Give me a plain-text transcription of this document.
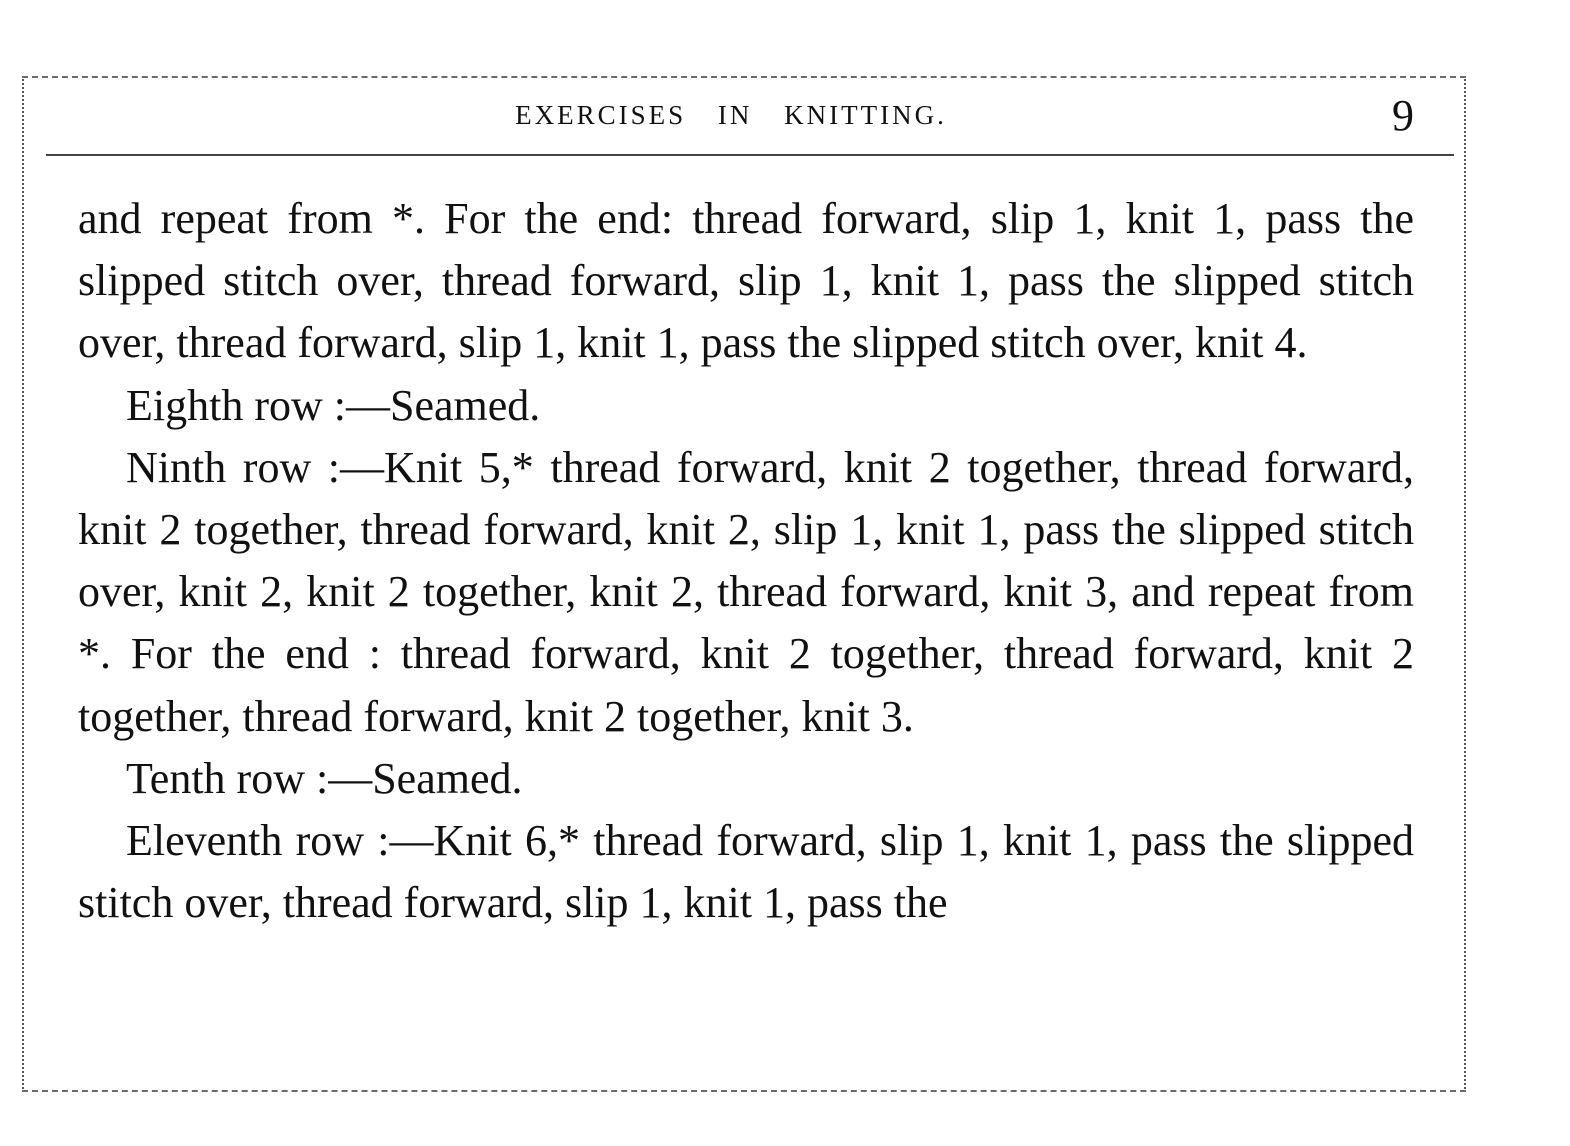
EXERCISES IN KNITTING.	9

and repeat from *. For the end: thread forward, slip 1, knit 1, pass the slipped stitch over, thread forward, slip 1, knit 1, pass the slipped stitch over, thread forward, slip 1, knit 1, pass the slipped stitch over, knit 4.

Eighth row :—Seamed.

Ninth row :—Knit 5,* thread forward, knit 2 together, thread forward, knit 2 together, thread forward, knit 2, slip 1, knit 1, pass the slipped stitch over, knit 2, knit 2 together, knit 2, thread forward, knit 3, and repeat from *. For the end : thread forward, knit 2 together, thread forward, knit 2 together, thread forward, knit 2 together, knit 3.

Tenth row :—Seamed.

Eleventh row :—Knit 6,* thread forward, slip 1, knit 1, pass the slipped stitch over, thread forward, slip 1, knit 1, pass the
